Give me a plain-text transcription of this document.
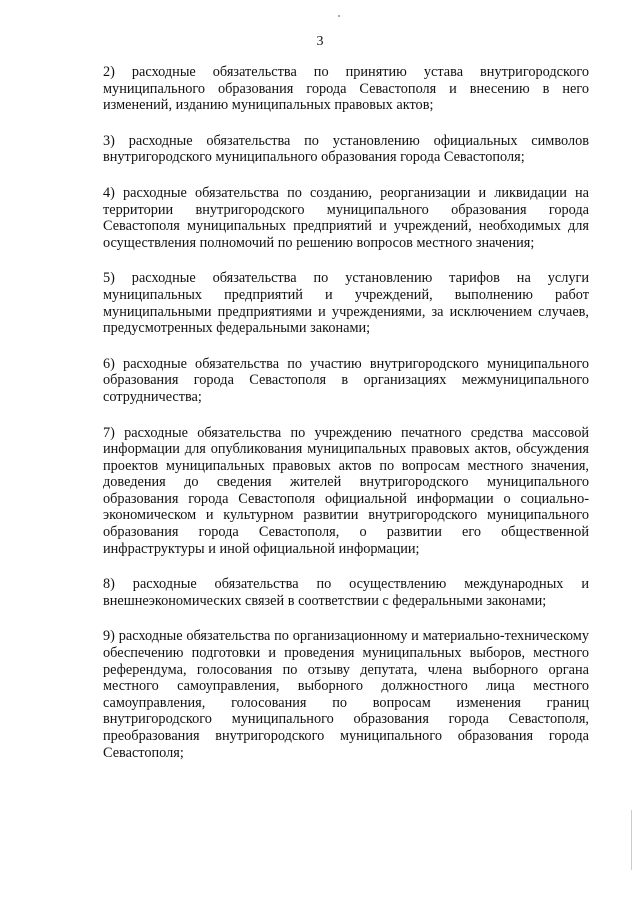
3

2) расходные обязательства по принятию устава внутригородского муниципального образования города Севастополя и внесению в него изменений, изданию муниципальных правовых актов;

3) расходные обязательства по установлению официальных символов внутригородского муниципального образования города Севастополя;

4) расходные обязательства по созданию, реорганизации и ликвидации на территории внутригородского муниципального образования города Севастополя муниципальных предприятий и учреждений, необходимых для осуществления полномочий по решению вопросов местного значения;

5) расходные обязательства по установлению тарифов на услуги муниципальных предприятий и учреждений, выполнению работ муниципальными предприятиями и учреждениями, за исключением случаев, предусмотренных федеральными законами;

6) расходные обязательства по участию внутригородского муниципального образования города Севастополя в организациях межмуниципального сотрудничества;

7) расходные обязательства по учреждению печатного средства массовой информации для опубликования муниципальных правовых актов, обсуждения проектов муниципальных правовых актов по вопросам местного значения, доведения до сведения жителей внутригородского муниципального образования города Севастополя официальной информации о социально-экономическом и культурном развитии внутригородского муниципального образования города Севастополя, о развитии его общественной инфраструктуры и иной официальной информации;

8) расходные обязательства по осуществлению международных и внешнеэкономических связей в соответствии с федеральными законами;

9) расходные обязательства по организационному и материально-техническому обеспечению подготовки и проведения муниципальных выборов, местного референдума, голосования по отзыву депутата, члена выборного органа местного самоуправления, выборного должностного лица местного самоуправления, голосования по вопросам изменения границ внутригородского муниципального образования города Севастополя, преобразования внутригородского муниципального образования города Севастополя;
